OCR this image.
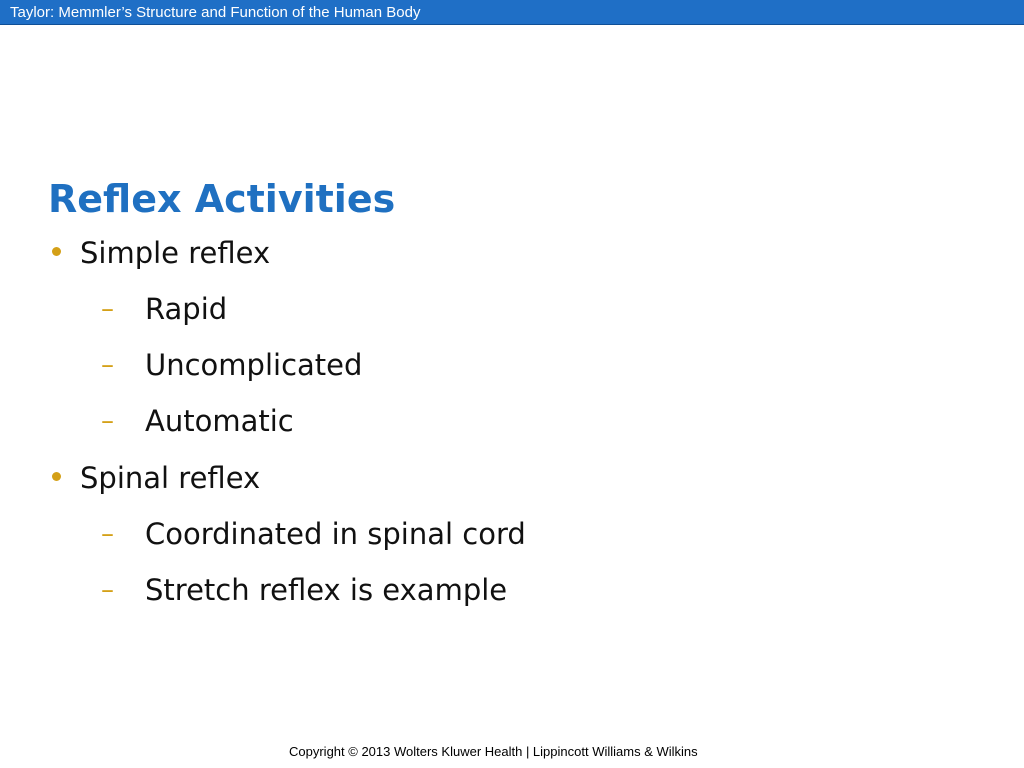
Taylor: Memmler’s Structure and Function of the Human Body
Reflex Activities
Simple reflex
– Rapid
– Uncomplicated
– Automatic
Spinal reflex
– Coordinated in spinal cord
– Stretch reflex is example
Copyright © 2013 Wolters Kluwer Health | Lippincott Williams & Wilkins
